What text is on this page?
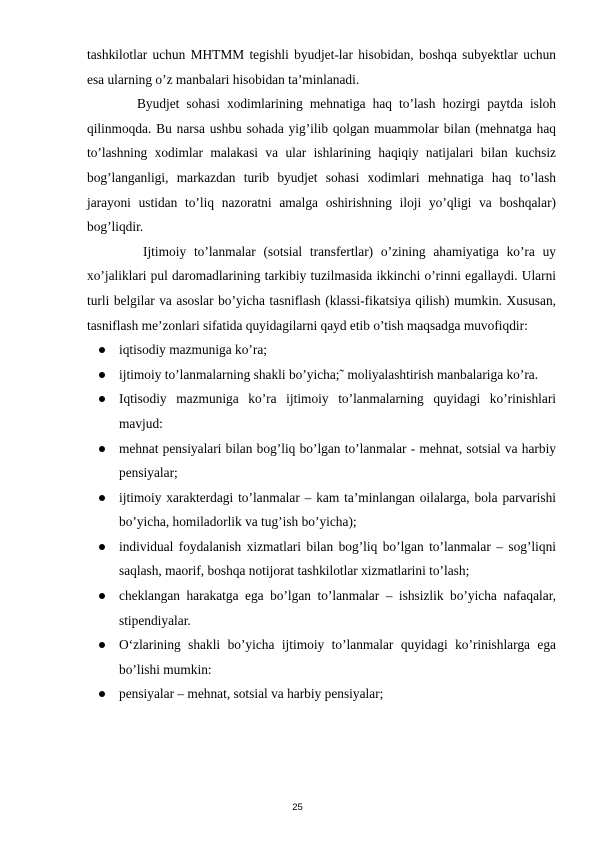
tashkilotlar uchun MHTMM tegishli byudjet-lar hisobidan, boshqa subyektlar uchun esa ularning o’z manbalari hisobidan ta’minlanadi.

Byudjet sohasi xodimlarining mehnatiga haq to’lash hozirgi paytda isloh qilinmoqda. Bu narsa ushbu sohada yig’ilib qolgan muammolar bilan (mehnatga haq to’lashning xodimlar malakasi va ular ishlarining haqiqiy natijalari bilan kuchsiz bog’langanligi, markazdan turib byudjet sohasi xodimlari mehnatiga haq to’lash jarayoni ustidan to’liq nazoratni amalga oshirishning iloji yo’qligi va boshqalar) bog’liqdir.

Ijtimoiy to’lanmalar (sotsial transfertlar) o’zining ahamiyatiga ko’ra uy xo’jaliklari pul daromadlarining tarkibiy tuzilmasida ikkinchi o’rinni egallaydi. Ularni turli belgilar va asoslar bo’yicha tasniflash (klassi-fikatsiya qilish) mumkin. Xususan, tasniflash me’zonlari sifatida quyidagilarni qayd etib o’tish maqsadga muvofiqdir:

iqtisodiy mazmuniga ko’ra;
ijtimoiy to’lanmalarning shakli bo’yicha;˜ moliyalashtirish manbalariga ko’ra.
Iqtisodiy mazmuniga ko’ra ijtimoiy to’lanmalarning quyidagi ko’rinishlari mavjud:
mehnat pensiyalari bilan bog’liq bo’lgan to’lanmalar - mehnat, sotsial va harbiy pensiyalar;
ijtimoiy xarakterdagi to’lanmalar – kam ta’minlangan oilalarga, bola parvarishi bo’yicha, homiladorlik va tug’ish bo’yicha);
individual foydalanish xizmatlari bilan bog’liq bo’lgan to’lanmalar – sog’liqni saqlash, maorif, boshqa notijorat tashkilotlar xizmatlarini to’lash;
cheklangan harakatga ega bo’lgan to’lanmalar – ishsizlik bo’yicha nafaqalar, stipendiyalar.
O‘zlarining shakli bo’yicha ijtimoiy to’lanmalar quyidagi ko’rinishlarga ega bo’lishi mumkin:
pensiyalar – mehnat, sotsial va harbiy pensiyalar;
25
